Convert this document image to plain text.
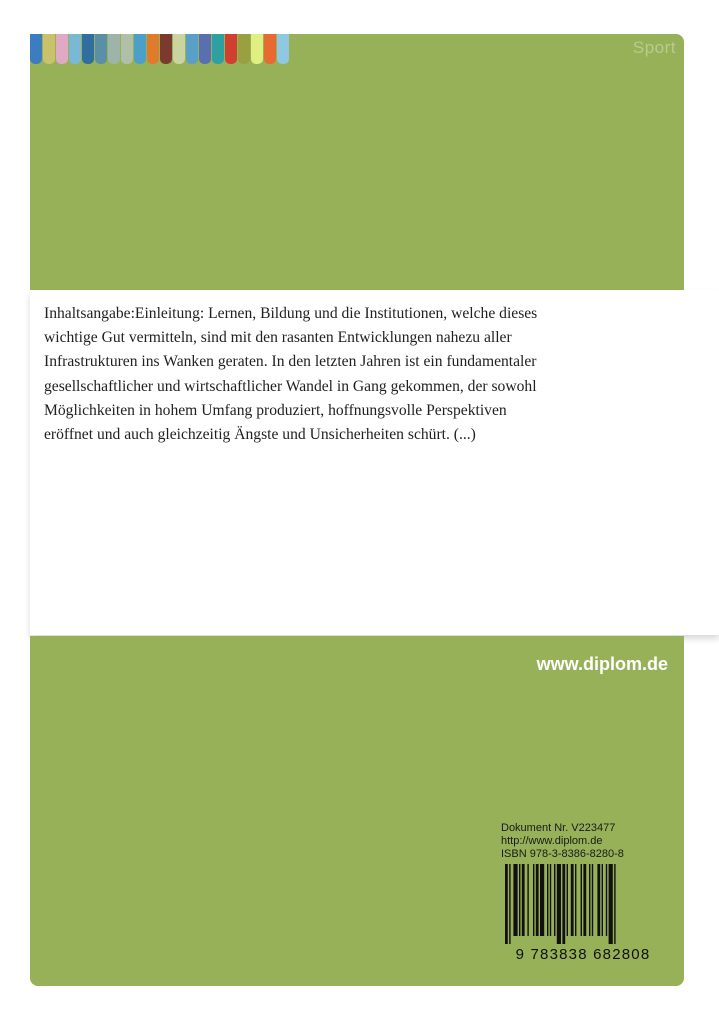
Sport
Inhaltsangabe:Einleitung: Lernen, Bildung und die Institutionen, welche dieses
wichtige Gut vermitteln, sind mit den rasanten Entwicklungen nahezu aller
Infrastrukturen ins Wanken geraten. In den letzten Jahren ist ein fundamentaler
gesellschaftlicher und wirtschaftlicher Wandel in Gang gekommen, der sowohl
Möglichkeiten in hohem Umfang produziert, hoffnungsvolle Perspektiven
eröffnet und auch gleichzeitig Ängste und Unsicherheiten schürt. (...)
www.diplom.de
Dokument Nr. V223477
http://www.diplom.de
ISBN 978-3-8386-8280-8
9 783838 682808
